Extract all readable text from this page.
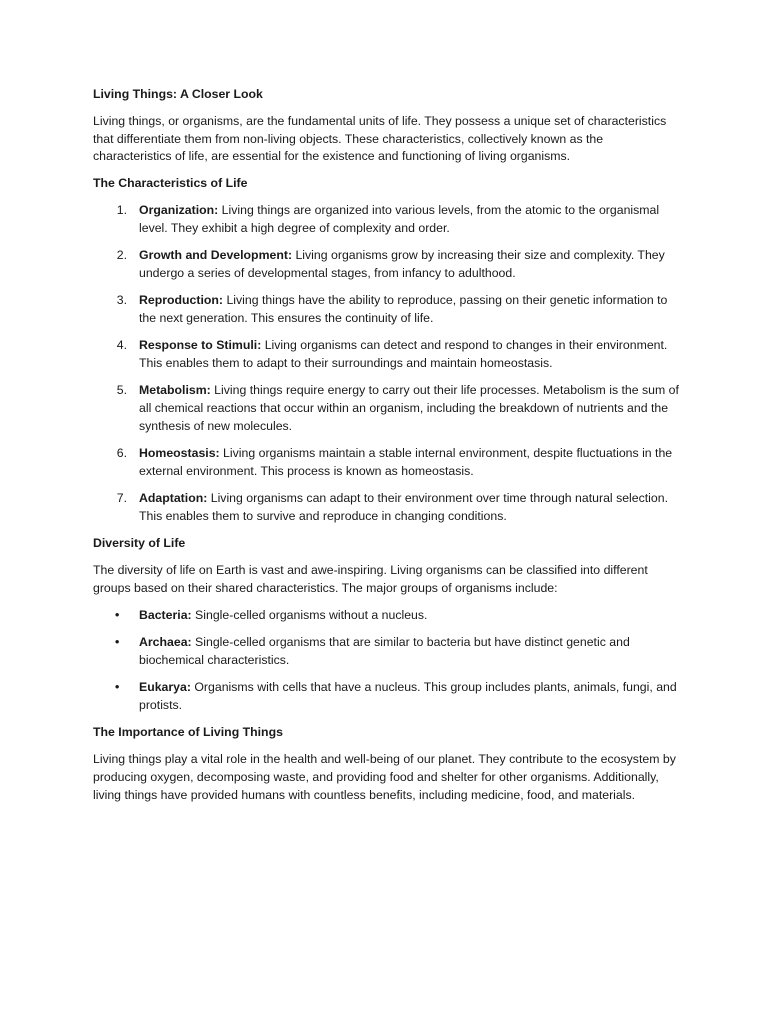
Living Things: A Closer Look

Living things, or organisms, are the fundamental units of life. They possess a unique set of characteristics that differentiate them from non-living objects. These characteristics, collectively known as the characteristics of life, are essential for the existence and functioning of living organisms.

The Characteristics of Life

1. Organization: Living things are organized into various levels, from the atomic to the organismal level. They exhibit a high degree of complexity and order.
2. Growth and Development: Living organisms grow by increasing their size and complexity. They undergo a series of developmental stages, from infancy to adulthood.
3. Reproduction: Living things have the ability to reproduce, passing on their genetic information to the next generation. This ensures the continuity of life.
4. Response to Stimuli: Living organisms can detect and respond to changes in their environment. This enables them to adapt to their surroundings and maintain homeostasis.
5. Metabolism: Living things require energy to carry out their life processes. Metabolism is the sum of all chemical reactions that occur within an organism, including the breakdown of nutrients and the synthesis of new molecules.
6. Homeostasis: Living organisms maintain a stable internal environment, despite fluctuations in the external environment. This process is known as homeostasis.
7. Adaptation: Living organisms can adapt to their environment over time through natural selection. This enables them to survive and reproduce in changing conditions.

Diversity of Life

The diversity of life on Earth is vast and awe-inspiring. Living organisms can be classified into different groups based on their shared characteristics. The major groups of organisms include:

• Bacteria: Single-celled organisms without a nucleus.
• Archaea: Single-celled organisms that are similar to bacteria but have distinct genetic and biochemical characteristics.
• Eukarya: Organisms with cells that have a nucleus. This group includes plants, animals, fungi, and protists.

The Importance of Living Things

Living things play a vital role in the health and well-being of our planet. They contribute to the ecosystem by producing oxygen, decomposing waste, and providing food and shelter for other organisms. Additionally, living things have provided humans with countless benefits, including medicine, food, and materials.
